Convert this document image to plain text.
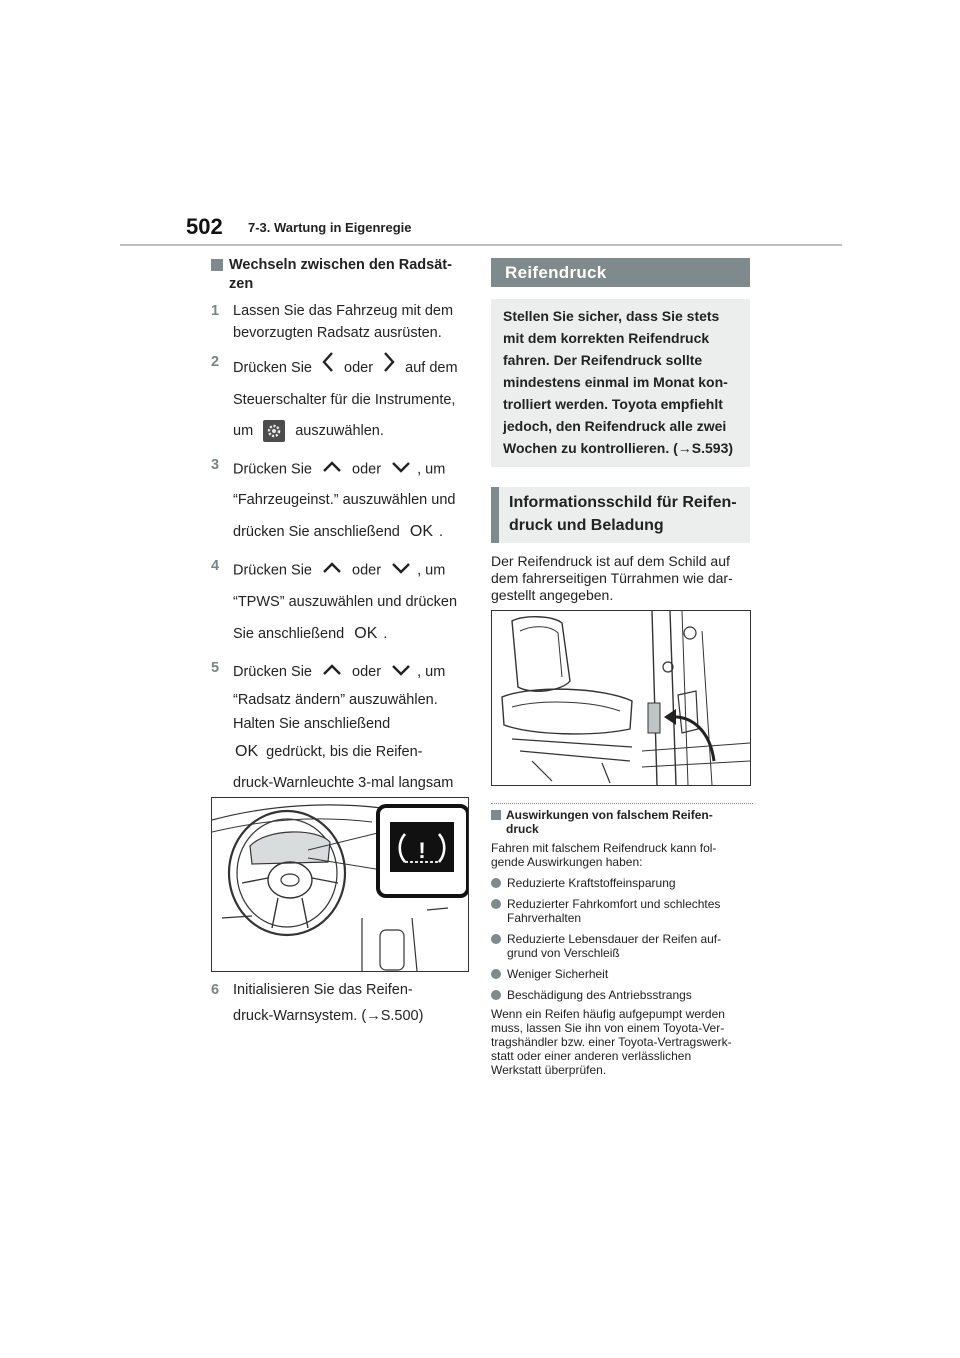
502 7-3. Wartung in Eigenregie
Wechseln zwischen den Radsät-zen
1 Lassen Sie das Fahrzeug mit dem bevorzugten Radsatz ausrüsten.
2 Drücken Sie oder auf dem Steuerschalter für die Instrumente,
um	auszuwählen.
3 Drücken Sie	oder , um
“Fahrzeugeinst.” auszuwählen und
drücken Sie anschließend OK .
4 Drücken Sie	oder , um
“TPWS” auszuwählen und drücken
Sie anschließend OK .
5 Drücken Sie	oder , um
“Radsatz ändern” auszuwählen.
Halten Sie anschließend
OK gedrückt, bis die Reifen-
druck-Warnleuchte 3-mal langsam

!
6 Initialisieren Sie das Reifen-
druck-Warnsystem. (→S.500)
Reifendruck
Stellen Sie sicher, dass Sie stets
mit dem korrekten Reifendruck
fahren. Der Reifendruck sollte
mindestens einmal im Monat kon-
trolliert werden. Toyota empfiehlt
jedoch, den Reifendruck alle zwei
Wochen zu kontrollieren. (→S.593)
Informationsschild für Reifen-
druck und Beladung
Der Reifendruck ist auf dem Schild auf
dem fahrerseitigen Türrahmen wie dar-
gestellt angegeben.
Auswirkungen von falschem Reifen-
druck
Fahren mit falschem Reifendruck kann fol-
gende Auswirkungen haben:
Reduzierte Kraftstoffeinsparung
Reduzierter Fahrkomfort und schlechtes
Fahrverhalten
Reduzierte Lebensdauer der Reifen auf-
grund von Verschleiß
Weniger Sicherheit
Beschädigung des Antriebsstrangs
Wenn ein Reifen häufig aufgepumpt werden
muss, lassen Sie ihn von einem Toyota-Ver-
tragshändler bzw. einer Toyota-Vertragswerk-
statt oder einer anderen verlässlichen
Werkstatt überprüfen.
